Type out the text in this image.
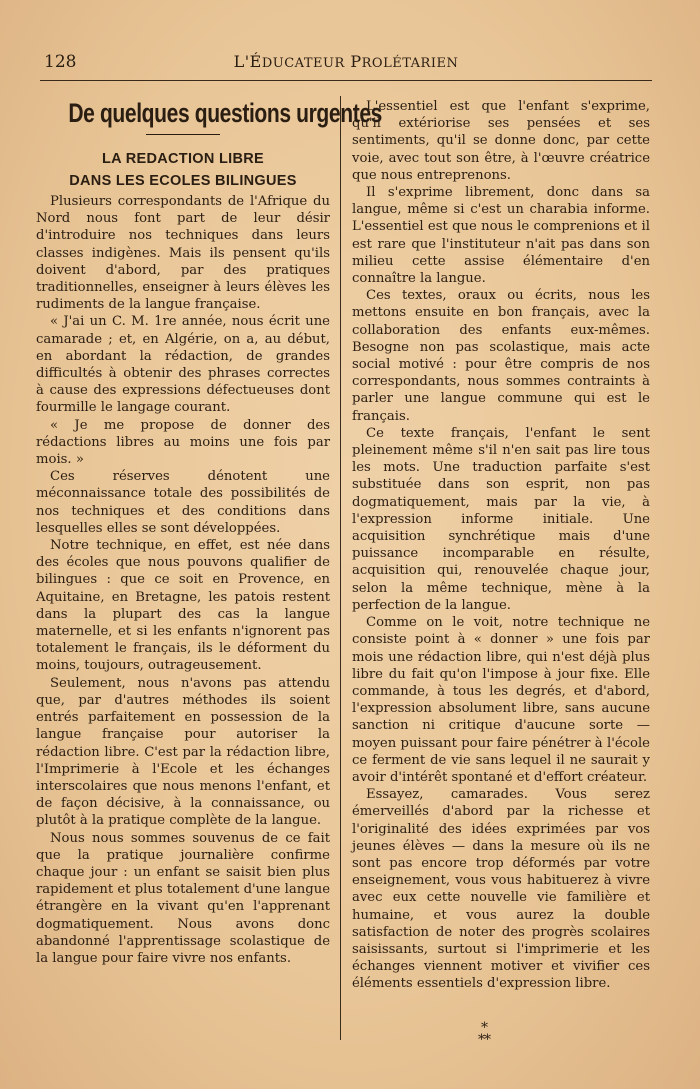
128	L'ÉDUCATEUR PROLÉTARIEN
De quelques questions urgentes
LA REDACTION LIBRE
DANS LES ECOLES BILINGUES

Plusieurs correspondants de l'Afrique du Nord nous font part de leur désir d'introduire nos techniques dans leurs classes indigènes. Mais ils pensent qu'ils doivent d'abord, par des pratiques traditionnelles, enseigner à leurs élèves les rudiments de la langue française.

« J'ai un C. M. 1re année, nous écrit une camarade ; et, en Algérie, on a, au début, en abordant la rédaction, de grandes difficultés à obtenir des phrases correctes à cause des expressions défectueuses dont fourmille le langage courant.

« Je me propose de donner des rédactions libres au moins une fois par mois. »

Ces réserves dénotent une méconnaissance totale des possibilités de nos techniques et des conditions dans lesquelles elles se sont développées.

Notre technique, en effet, est née dans des écoles que nous pouvons qualifier de bilingues : que ce soit en Provence, en Aquitaine, en Bretagne, les patois restent dans la plupart des cas la langue maternelle, et si les enfants n'ignorent pas totalement le français, ils le déforment du moins, toujours, outrageusement.

Seulement, nous n'avons pas attendu que, par d'autres méthodes ils soient entrés parfaitement en possession de la langue française pour autoriser la rédaction libre. C'est par la rédaction libre, l'Imprimerie à l'Ecole et les échanges interscolaires que nous menons l'enfant, et de façon décisive, à la connaissance, ou plutôt à la pratique complète de la langue.

Nous nous sommes souvenus de ce fait que la pratique journalière confirme chaque jour : un enfant se saisit bien plus rapidement et plus totalement d'une langue étrangère en la vivant qu'en l'apprenant dogmatiquement. Nous avons donc abandonné l'apprentissage scolastique de la langue pour faire vivre nos enfants.

L'essentiel est que l'enfant s'exprime, qu'il extériorise ses pensées et ses sentiments, qu'il se donne donc, par cette voie, avec tout son être, à l'œuvre créatrice que nous entreprenons.

Il s'exprime librement, donc dans sa langue, même si c'est un charabia informe. L'essentiel est que nous le comprenions et il est rare que l'instituteur n'ait pas dans son milieu cette assise élémentaire d'en connaître la langue.

Ces textes, oraux ou écrits, nous les mettons ensuite en bon français, avec la collaboration des enfants eux-mêmes. Besogne non pas scolastique, mais acte social motivé : pour être compris de nos correspondants, nous sommes contraints à parler une langue commune qui est le français.

Ce texte français, l'enfant le sent pleinement même s'il n'en sait pas lire tous les mots. Une traduction parfaite s'est substituée dans son esprit, non pas dogmatiquement, mais par la vie, à l'expression informe initiale. Une acquisition synchrétique mais d'une puissance incomparable en résulte, acquisition qui, renouvelée chaque jour, selon la même technique, mène à la perfection de la langue.

Comme on le voit, notre technique ne consiste point à « donner » une fois par mois une rédaction libre, qui n'est déjà plus libre du fait qu'on l'impose à jour fixe. Elle commande, à tous les degrés, et d'abord, l'expression absolument libre, sans aucune sanction ni critique d'aucune sorte — moyen puissant pour faire pénétrer à l'école ce ferment de vie sans lequel il ne saurait y avoir d'intérêt spontané et d'effort créateur.

Essayez, camarades. Vous serez émerveillés d'abord par la richesse et l'originalité des idées exprimées par vos jeunes élèves — dans la mesure où ils ne sont pas encore trop déformés par votre enseignement, vous vous habituerez à vivre avec eux cette nouvelle vie familière et humaine, et vous aurez la double satisfaction de noter des progrès scolaires saisissants, surtout si l'imprimerie et les échanges viennent motiver et vivifier ces éléments essentiels d'expression libre.

*
**
